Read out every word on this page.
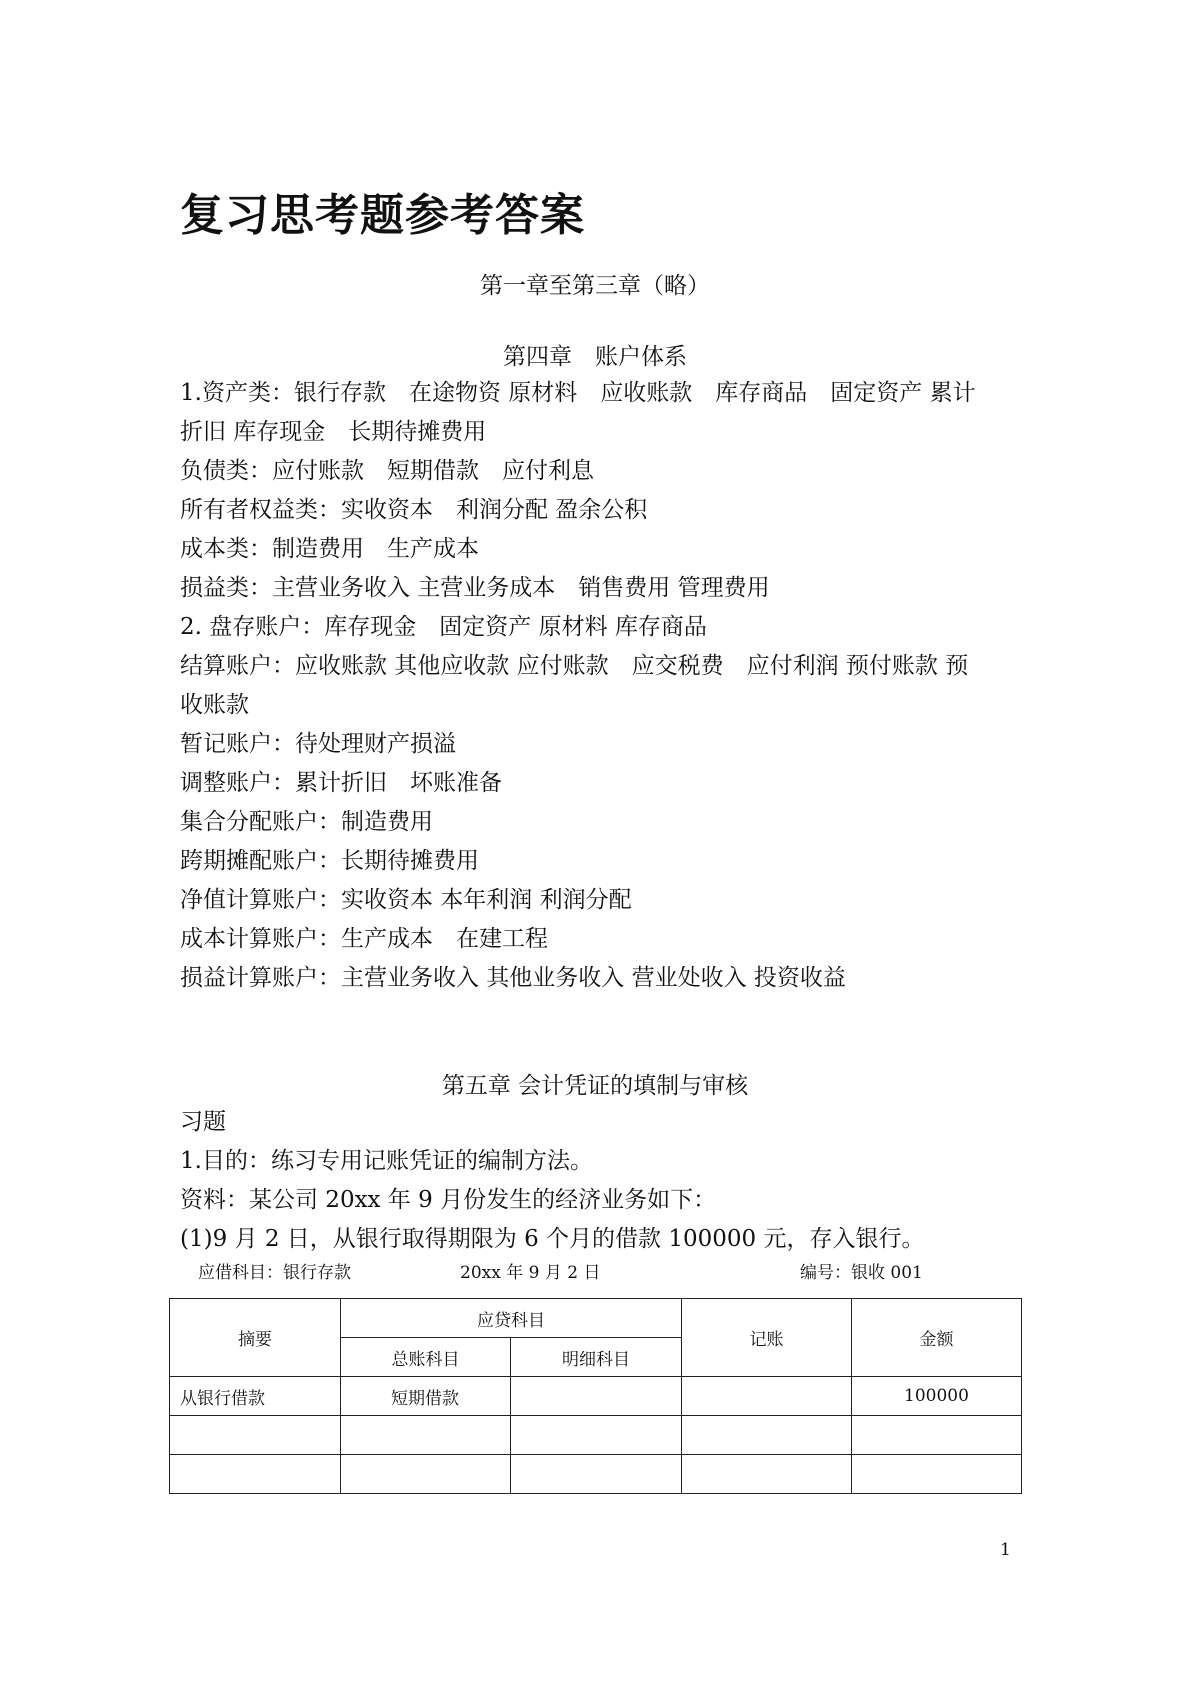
复习思考题参考答案
第一章至第三章（略）
第四章　账户体系

1.资产类：银行存款　在途物资 原材料　应收账款　库存商品　固定资产 累计

折旧 库存现金　长期待摊费用

负债类：应付账款　短期借款　应付利息

所有者权益类：实收资本　利润分配 盈余公积

成本类：制造费用　生产成本

损益类：主营业务收入 主营业务成本　销售费用 管理费用

2. 盘存账户：库存现金　固定资产 原材料 库存商品

结算账户：应收账款 其他应收款 应付账款　应交税费　应付利润 预付账款 预

收账款

暂记账户：待处理财产损溢

调整账户：累计折旧　坏账准备

集合分配账户：制造费用

跨期摊配账户：长期待摊费用

净值计算账户：实收资本 本年利润 利润分配

成本计算账户：生产成本　在建工程

损益计算账户：主营业务收入 其他业务收入 营业处收入 投资收益

第五章 会计凭证的填制与审核

习题

1.目的：练习专用记账凭证的编制方法。

资料：某公司 20xx 年 9 月份发生的经济业务如下：

(1)9 月 2 日，从银行取得期限为 6 个月的借款 100000 元，存入银行。

应借科目：银行存款	20xx 年 9 月 2 日	编号：银收 001
摘要	应贷科目		记账	金额
	总账科目	明细科目		
从银行借款	短期借款			100000

1
